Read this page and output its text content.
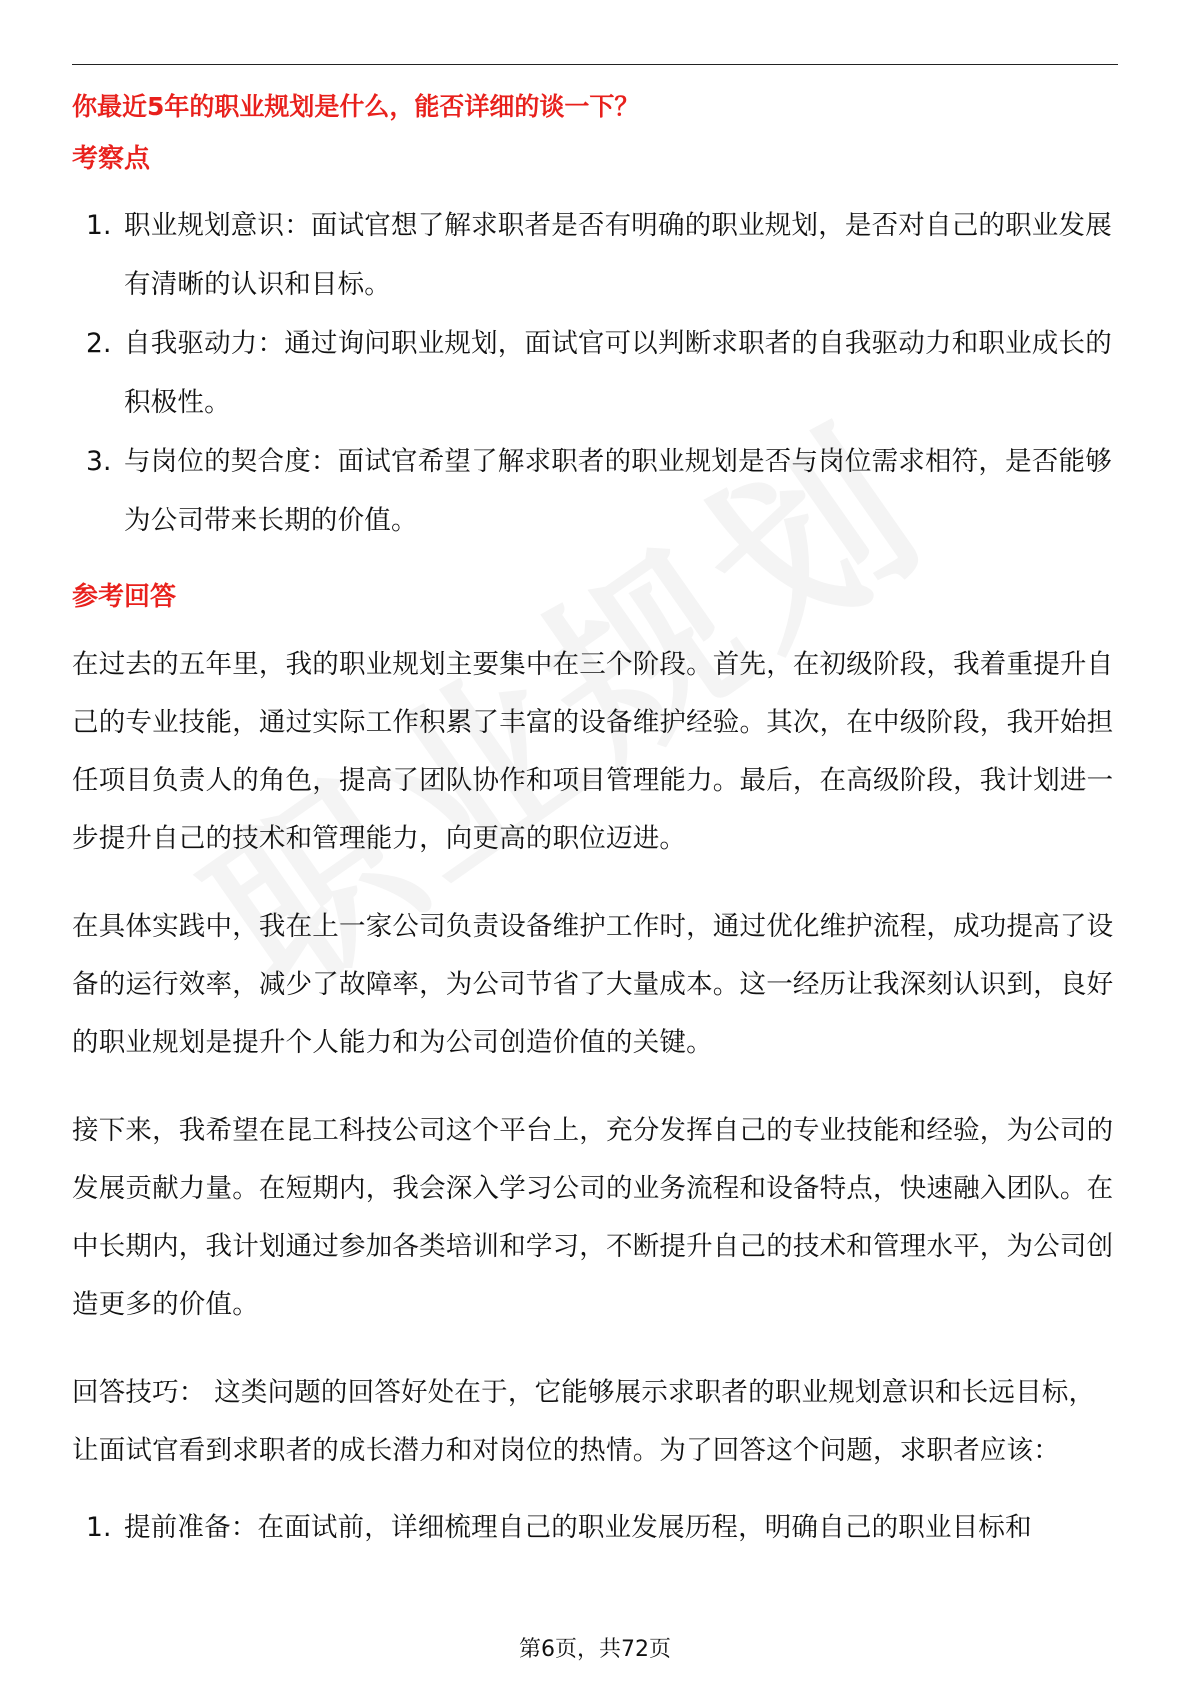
你最近5年的职业规划是什么，能否详细的谈一下？
考察点
1. 职业规划意识：面试官想了解求职者是否有明确的职业规划，是否对自己的职业发展有清晰的认识和目标。
2. 自我驱动力：通过询问职业规划，面试官可以判断求职者的自我驱动力和职业成长的积极性。
3. 与岗位的契合度：面试官希望了解求职者的职业规划是否与岗位需求相符，是否能够为公司带来长期的价值。
参考回答

在过去的五年里，我的职业规划主要集中在三个阶段。首先，在初级阶段，我着重提升自己的专业技能，通过实际工作积累了丰富的设备维护经验。其次，在中级阶段，我开始担任项目负责人的角色，提高了团队协作和项目管理能力。最后，在高级阶段，我计划进一步提升自己的技术和管理能力，向更高的职位迈进。

在具体实践中，我在上一家公司负责设备维护工作时，通过优化维护流程，成功提高了设备的运行效率，减少了故障率，为公司节省了大量成本。这一经历让我深刻认识到，良好的职业规划是提升个人能力和为公司创造价值的关键。

接下来，我希望在昆工科技公司这个平台上，充分发挥自己的专业技能和经验，为公司的发展贡献力量。在短期内，我会深入学习公司的业务流程和设备特点，快速融入团队。在中长期内，我计划通过参加各类培训和学习，不断提升自己的技术和管理水平，为公司创造更多的价值。

回答技巧： 这类问题的回答好处在于，它能够展示求职者的职业规划意识和长远目标，让面试官看到求职者的成长潜力和对岗位的热情。为了回答这个问题，求职者应该：

1. 提前准备：在面试前，详细梳理自己的职业发展历程，明确自己的职业目标和
第6页，共72页
